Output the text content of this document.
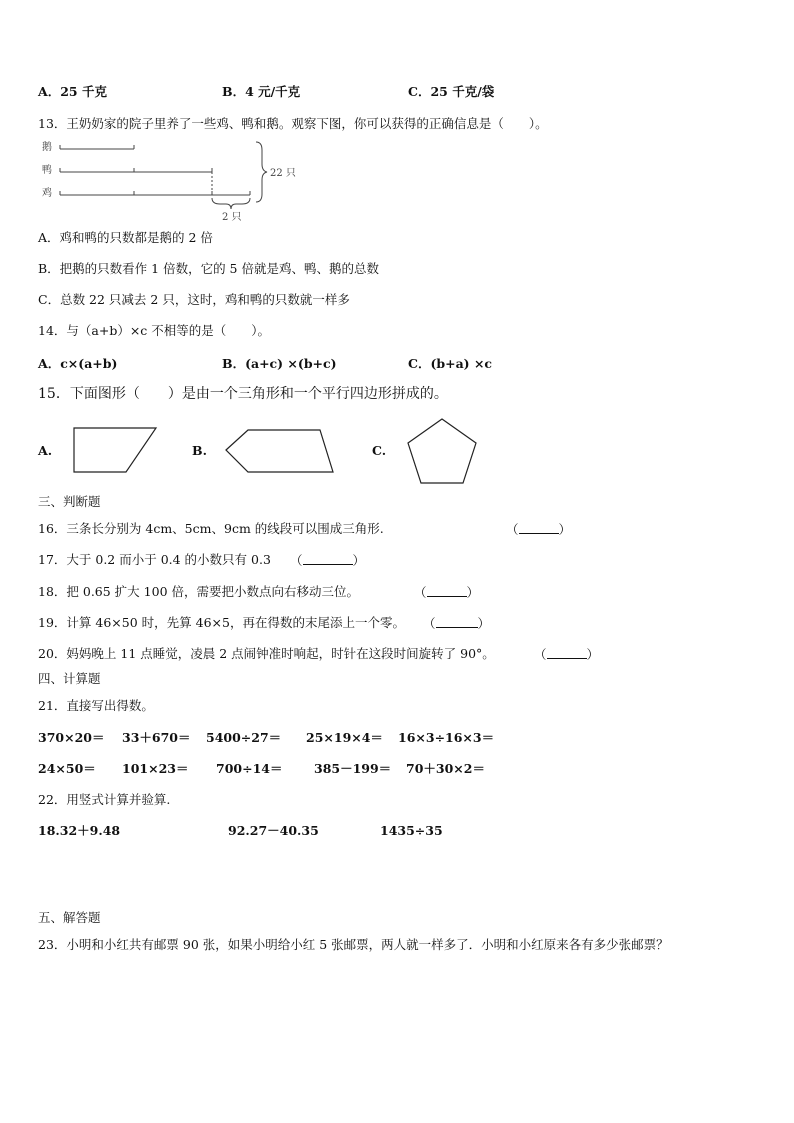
A．25 千克	B．4 元/千克	C．25 千克/袋
13．王奶奶家的院子里养了一些鸡、鸭和鹅。观察下图，你可以获得的正确信息是（　　）。
鹅
鸭
鸡
22 只
2 只
A．鸡和鸭的只数都是鹅的 2 倍
B．把鹅的只数看作 1 倍数，它的 5 倍就是鸡、鸭、鹅的总数
C．总数 22 只减去 2 只，这时，鸡和鸭的只数就一样多
14．与（a+b）×c 不相等的是（　　）。
A．c×(a+b)	B．(a+c) ×(b+c)	C．(b+a) ×c
15．下面图形（　　）是由一个三角形和一个平行四边形拼成的。
A.	B.	C.
三、判断题
16．三条长分别为 4cm、5cm、9cm 的线段可以围成三角形.	（	）
17．大于 0.2 而小于 0.4 的小数只有 0.3 （	）
18．把 0.65 扩大 100 倍，需要把小数点向右移动三位。	（	）
19．计算 46×50 时，先算 46×5，再在得数的末尾添上一个零。 （	）
20．妈妈晚上 11 点睡觉，凌晨 2 点闹钟准时响起，时针在这段时间旋转了 90°。	（	）
四、计算题
21．直接写出得数。
370×20＝ 33＋670＝ 5400÷27＝ 25×19×4＝ 16×3÷16×3＝
24×50＝ 101×23＝ 700÷14＝	385－199＝ 70＋30×2＝
22．用竖式计算并验算.
18.32＋9.48	92.27－40.35	1435÷35
五、解答题
23．小明和小红共有邮票 90 张，如果小明给小红 5 张邮票，两人就一样多了．小明和小红原来各有多少张邮票？
